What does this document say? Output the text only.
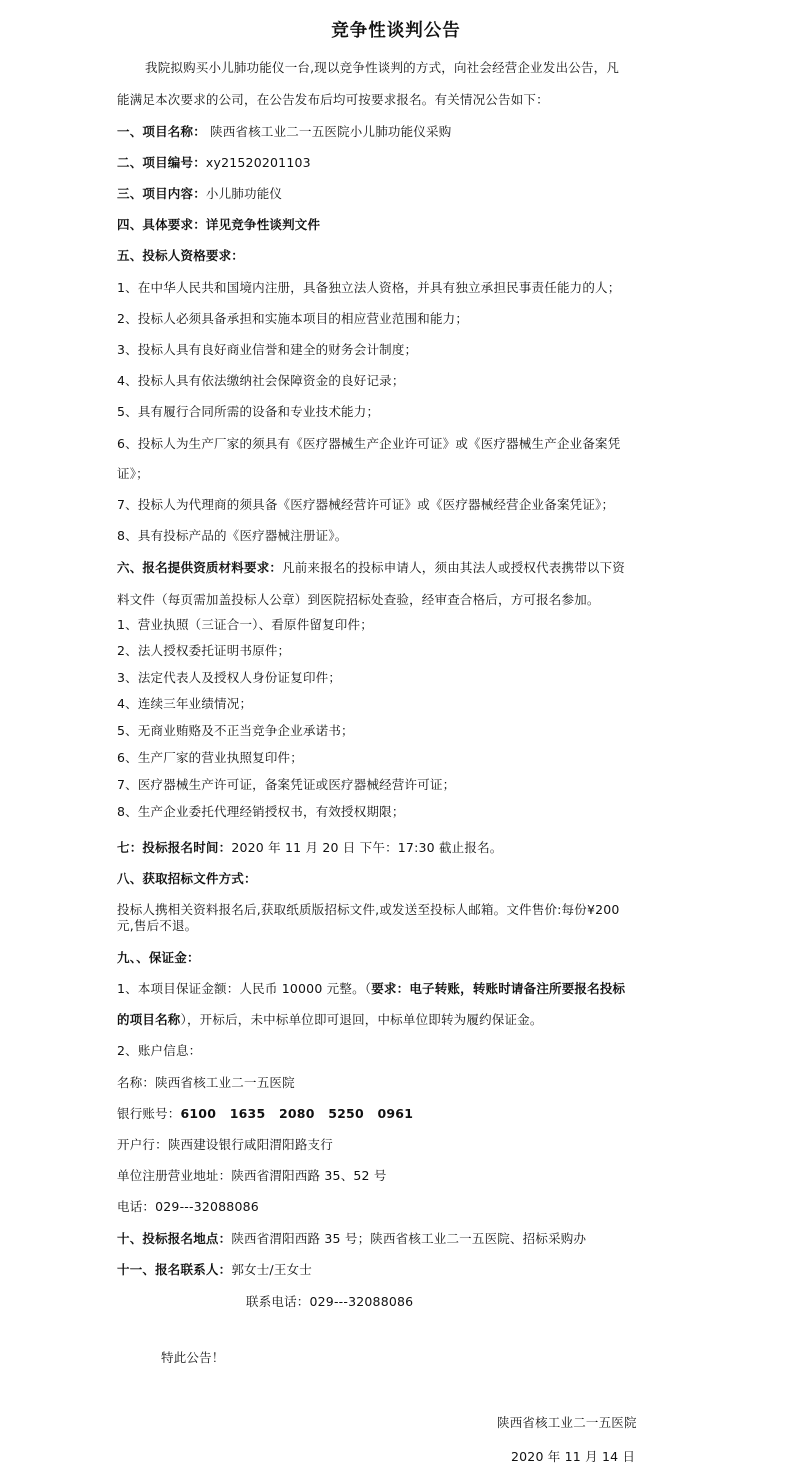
竞争性谈判公告
我院拟购买小儿肺功能仪一台,现以竞争性谈判的方式，向社会经营企业发出公告，凡
能满足本次要求的公司，在公告发布后均可按要求报名。有关情况公告如下：
一、项目名称： 陕西省核工业二一五医院小儿肺功能仪采购
二、项目编号：xy21520201103
三、项目内容：小儿肺功能仪
四、具体要求：详见竞争性谈判文件
五、投标人资格要求：
1、在中华人民共和国境内注册，具备独立法人资格，并具有独立承担民事责任能力的人；
2、投标人必须具备承担和实施本项目的相应营业范围和能力；
3、投标人具有良好商业信誉和建全的财务会计制度；
4、投标人具有依法缴纳社会保障资金的良好记录；
5、具有履行合同所需的设备和专业技术能力；
6、投标人为生产厂家的须具有《医疗器械生产企业许可证》或《医疗器械生产企业备案凭
证》；
7、投标人为代理商的须具备《医疗器械经营许可证》或《医疗器械经营企业备案凭证》；
8、具有投标产品的《医疗器械注册证》。
六、报名提供资质材料要求：凡前来报名的投标申请人，须由其法人或授权代表携带以下资
料文件（每页需加盖投标人公章）到医院招标处查验，经审查合格后，方可报名参加。
1、营业执照（三证合一）、看原件留复印件；
2、法人授权委托证明书原件；
3、法定代表人及授权人身份证复印件；
4、连续三年业绩情况；
5、无商业贿赂及不正当竞争企业承诺书；
6、生产厂家的营业执照复印件；
7、医疗器械生产许可证，备案凭证或医疗器械经营许可证；
8、生产企业委托代理经销授权书，有效授权期限；
七：投标报名时间：2020 年 11 月 20 日 下午：17:30 截止报名。
八、获取招标文件方式：
投标人携相关资料报名后,获取纸质版招标文件,或发送至投标人邮箱。文件售价:每份¥200
元,售后不退。
九、、保证金：
1、本项目保证金额：人民币 10000 元整。（要求：电子转账，转账时请备注所要报名投标
的项目名称），开标后，未中标单位即可退回，中标单位即转为履约保证金。
2、账户信息：
名称：陕西省核工业二一五医院
银行账号：6100   1635   2080   5250   0961
开户行：陕西建设银行咸阳渭阳路支行
单位注册营业地址：陕西省渭阳西路 35、52 号
电话：029---32088086
十、投标报名地点：陕西省渭阳西路 35 号；陕西省核工业二一五医院、招标采购办
十一、报名联系人：郭女士/王女士
联系电话：029---32088086
特此公告！
陕西省核工业二一五医院
2020 年 11 月 14 日
